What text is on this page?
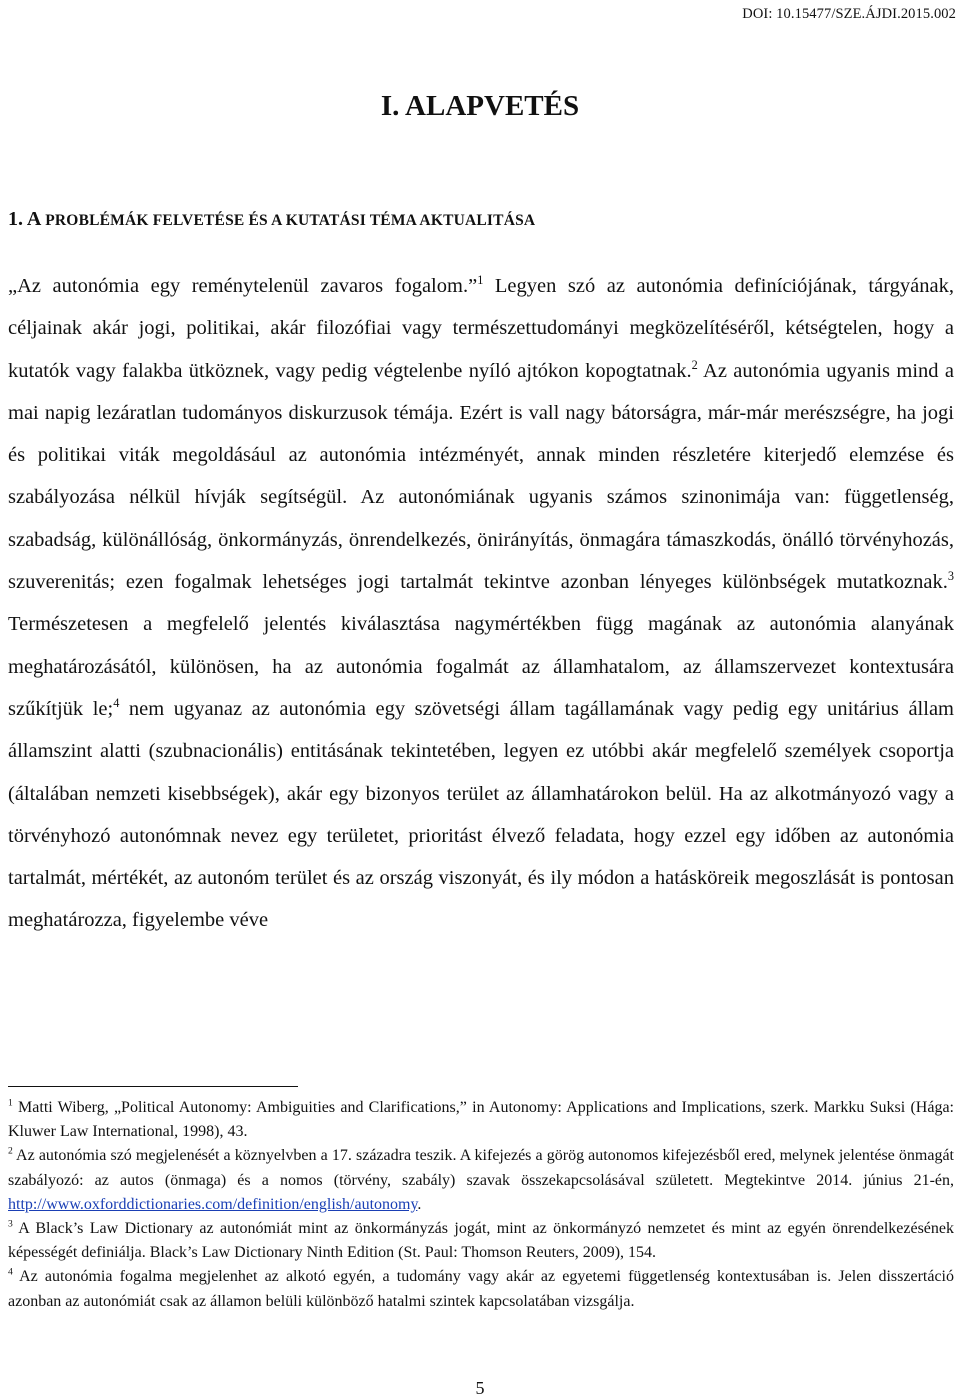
DOI: 10.15477/SZE.ÁJDI.2015.002
I. ALAPVETÉS
1. A PROBLÉMÁK FELVETÉSE ÉS A KUTATÁSI TÉMA AKTUALITÁSA
„Az autonómia egy reménytelenül zavaros fogalom.”$^1$ Legyen szó az autonómia definíciójának, tárgyának, céljainak akár jogi, politikai, akár filozófiai vagy természettudományi megközelítéséről, kétségtelen, hogy a kutatók vagy falakba ütköznek, vagy pedig végtelenbe nyíló ajtókon kopogtatnak.$^2$ Az autonómia ugyanis mind a mai napig lezáratlan tudományos diskurzusok témája. Ezért is vall nagy bátorságra, már-már merészségre, ha jogi és politikai viták megoldásául az autonómia intézményét, annak minden részletére kiterjedő elemzése és szabályozása nélkül hívják segítségül. Az autonómiának ugyanis számos szinonimája van: függetlenség, szabadság, különállóság, önkormányzás, önrendelkezés, önirányítás, önmagára támaszkodás, önálló törvényhozás, szuverenitás; ezen fogalmak lehetséges jogi tartalmát tekintve azonban lényeges különbségek mutatkoznak.$^3$ Természetesen a megfelelő jelentés kiválasztása nagymértékben függ magának az autonómia alanyának meghatározásától, különösen, ha az autonómia fogalmát az államhatalom, az államszervezet kontextusára szűkítjük le;$^4$ nem ugyanaz az autonómia egy szövetségi állam tagállamának vagy pedig egy unitárius állam államszint alatti (szubnacionális) entitásának tekintetében, legyen ez utóbbi akár megfelelő személyek csoportja (általában nemzeti kisebbségek), akár egy bizonyos terület az államhatárokon belül. Ha az alkotmányozó vagy a törvényhozó autonómnak nevez egy területet, prioritást élvező feladata, hogy ezzel egy időben az autonómia tartalmát, mértékét, az autonóm terület és az ország viszonyát, és ily módon a hatásköreik megoszlását is pontosan meghatározza, figyelembe véve

$^1$ Matti Wiberg, „Political Autonomy: Ambiguities and Clarifications,” in Autonomy: Applications and Implications, szerk. Markku Suksi (Hága: Kluwer Law International, 1998), 43.

$^2$ Az autonómia szó megjelenését a köznyelvben a 17. századra teszik. A kifejezés a görög autonomos kifejezésből ered, melynek jelentése önmagát szabályozó: az autos (önmaga) és a nomos (törvény, szabály) szavak összekapcsolásával született. Megtekintve 2014. június 21-én, http://www.oxforddictionaries.com/definition/english/autonomy.

$^3$ A Black’s Law Dictionary az autonómiát mint az önkormányzás jogát, mint az önkormányzó nemzetet és mint az egyén önrendelkezésének képességét definiálja. Black’s Law Dictionary Ninth Edition (St. Paul: Thomson Reuters, 2009), 154.

$^4$ Az autonómia fogalma megjelenhet az alkotó egyén, a tudomány vagy akár az egyetemi függetlenség kontextusában is. Jelen disszertáció azonban az autonómiát csak az államon belüli különböző hatalmi szintek kapcsolatában vizsgálja.

5
